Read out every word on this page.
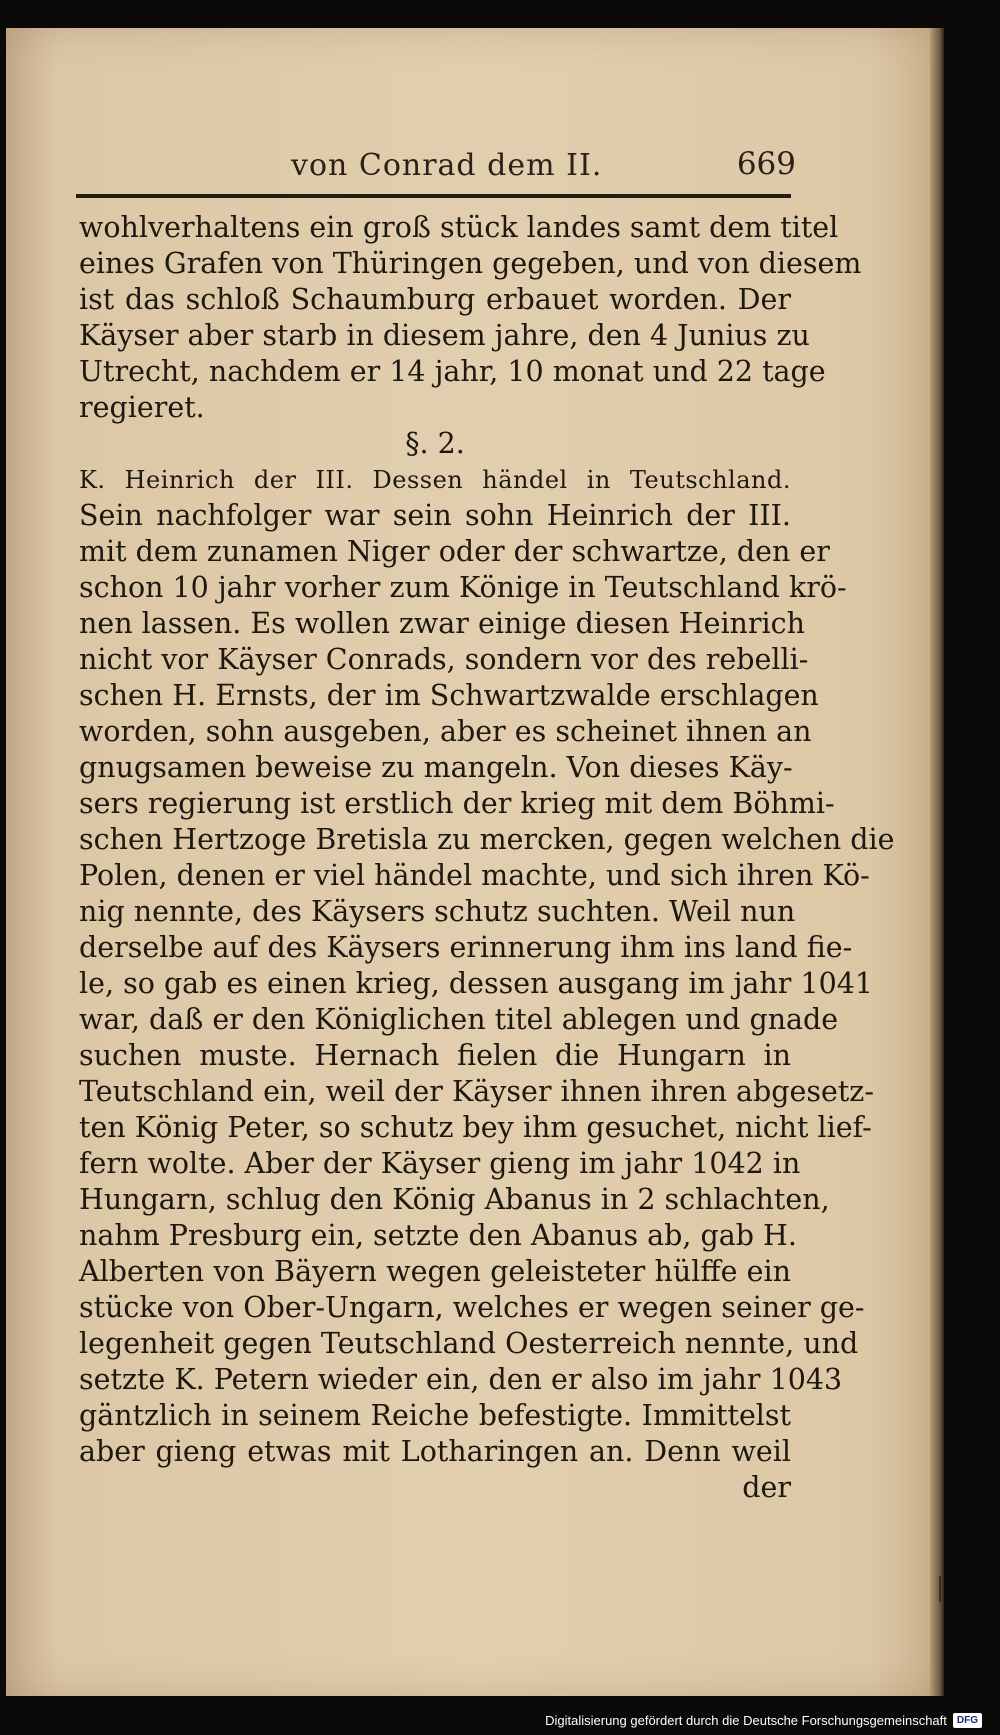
von Conrad dem II.	669
wohlverhaltens ein groß stück landes samt dem titel
eines Grafen von Thüringen gegeben, und von diesem
ist das schloß Schaumburg erbauet worden. Der
Käyser aber starb in diesem jahre, den 4 Junius zu
Utrecht, nachdem er 14 jahr, 10 monat und 22 tage
regieret.
§. 2.
K. Heinrich der III. Dessen händel in Teutschland.
Sein nachfolger war sein sohn Heinrich der III.
mit dem zunamen Niger oder der schwartze, den er
schon 10 jahr vorher zum Könige in Teutschland krö-
nen lassen. Es wollen zwar einige diesen Heinrich
nicht vor Käyser Conrads, sondern vor des rebelli-
schen H. Ernsts, der im Schwartzwalde erschlagen
worden, sohn ausgeben, aber es scheinet ihnen an
gnugsamen beweise zu mangeln. Von dieses Käy-
sers regierung ist erstlich der krieg mit dem Böhmi-
schen Hertzoge Bretisla zu mercken, gegen welchen die
Polen, denen er viel händel machte, und sich ihren Kö-
nig nennte, des Käysers schutz suchten. Weil nun
derselbe auf des Käysers erinnerung ihm ins land fie-
le, so gab es einen krieg, dessen ausgang im jahr 1041
war, daß er den Königlichen titel ablegen und gnade
suchen muste. Hernach fielen die Hungarn in
Teutschland ein, weil der Käyser ihnen ihren abgesetz-
ten König Peter, so schutz bey ihm gesuchet, nicht lief-
fern wolte. Aber der Käyser gieng im jahr 1042 in
Hungarn, schlug den König Abanus in 2 schlachten,
nahm Presburg ein, setzte den Abanus ab, gab H.
Alberten von Bäyern wegen geleisteter hülffe ein
stücke von Ober-Ungarn, welches er wegen seiner ge-
legenheit gegen Teutschland Oesterreich nennte, und
setzte K. Petern wieder ein, den er also im jahr 1043
gäntzlich in seinem Reiche befestigte. Immittelst
aber gieng etwas mit Lotharingen an. Denn weil
der
Digitalisierung gefördert durch die Deutsche Forschungsgemeinschaft	DFG
